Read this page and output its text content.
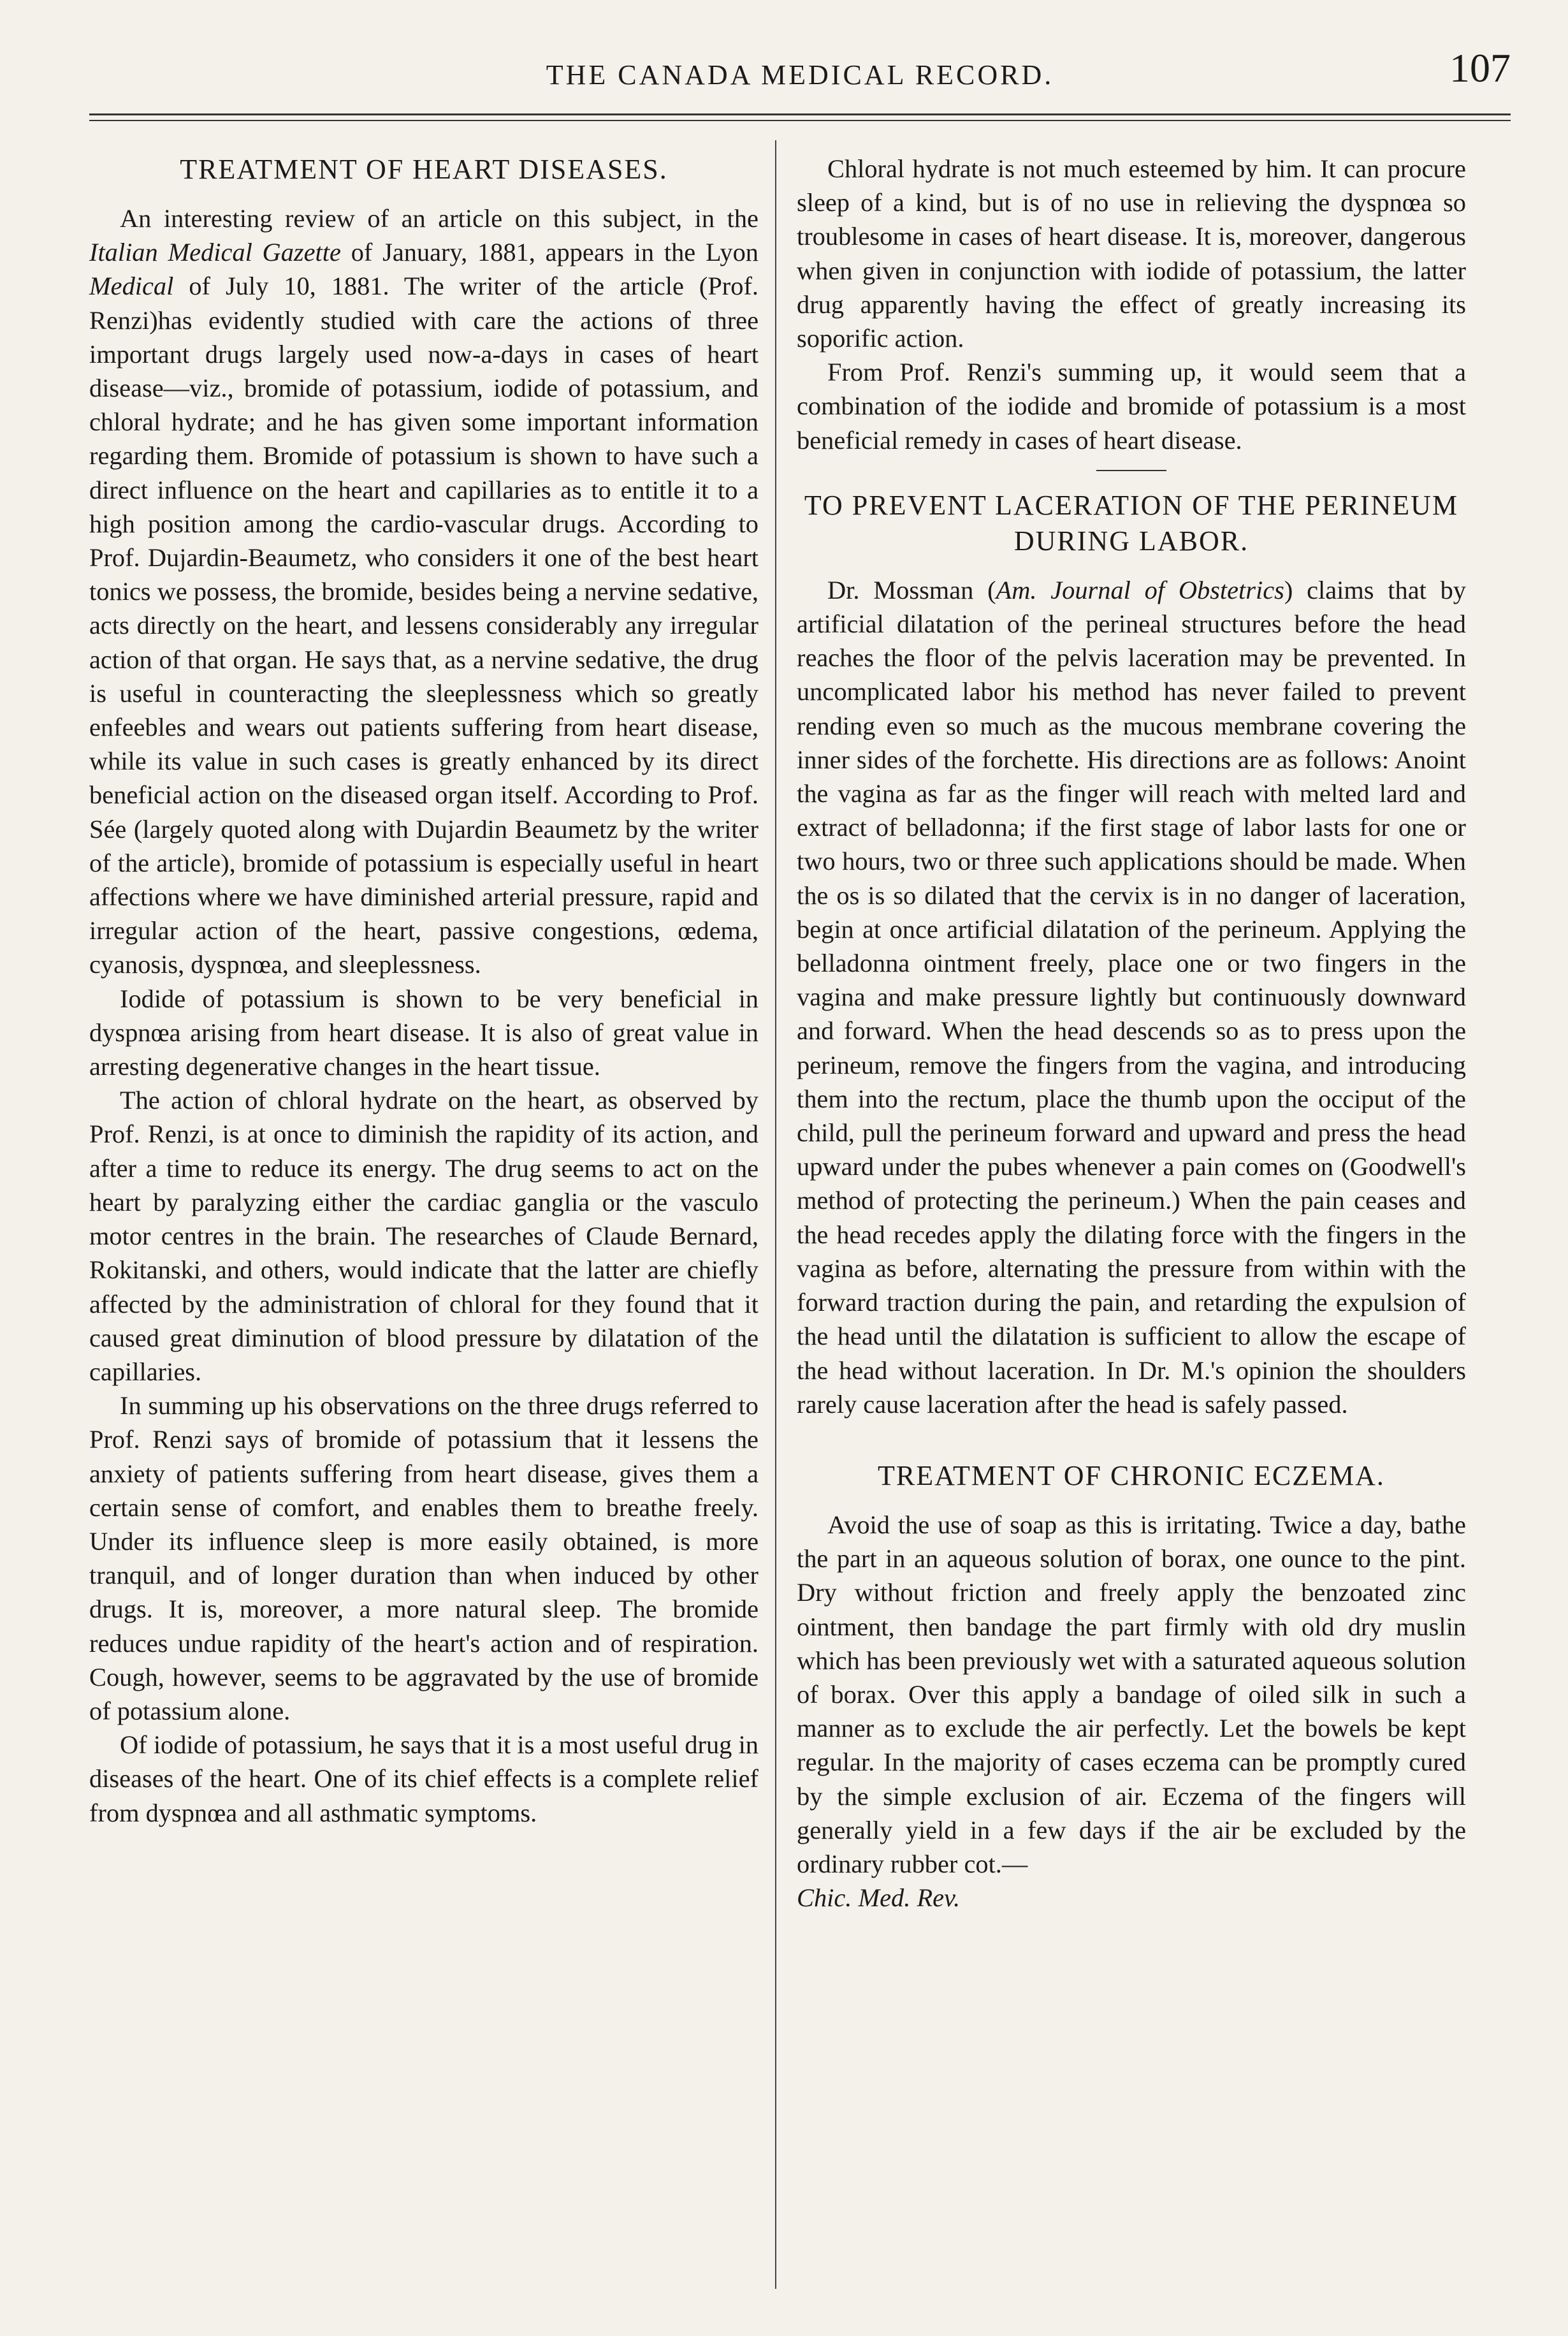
THE CANADA MEDICAL RECORD.	107
TREATMENT OF HEART DISEASES.

An interesting review of an article on this subject, in the Italian Medical Gazette of January, 1881, appears in the Lyon Medical of July 10, 1881. The writer of the article (Prof. Renzi)has evidently studied with care the actions of three important drugs largely used now-a-days in cases of heart disease—viz., bromide of potassium, iodide of potassium, and chloral hydrate; and he has given some important information regarding them. Bromide of potassium is shown to have such a direct influence on the heart and capillaries as to entitle it to a high position among the cardio-vascular drugs. According to Prof. Dujardin-Beaumetz, who considers it one of the best heart tonics we possess, the bromide, besides being a nervine sedative, acts directly on the heart, and lessens considerably any irregular action of that organ. He says that, as a nervine sedative, the drug is useful in counteracting the sleeplessness which so greatly enfeebles and wears out patients suffering from heart disease, while its value in such cases is greatly enhanced by its direct beneficial action on the diseased organ itself. According to Prof. Sée (largely quoted along with Dujardin Beaumetz by the writer of the article), bromide of potassium is especially useful in heart affections where we have diminished arterial pressure, rapid and irregular action of the heart, passive congestions, œdema, cyanosis, dyspnœa, and sleeplessness.

Iodide of potassium is shown to be very beneficial in dyspnœa arising from heart disease. It is also of great value in arresting degenerative changes in the heart tissue.

The action of chloral hydrate on the heart, as observed by Prof. Renzi, is at once to diminish the rapidity of its action, and after a time to reduce its energy. The drug seems to act on the heart by paralyzing either the cardiac ganglia or the vasculo motor centres in the brain. The researches of Claude Bernard, Rokitanski, and others, would indicate that the latter are chiefly affected by the administration of chloral for they found that it caused great diminution of blood pressure by dilatation of the capillaries.

In summing up his observations on the three drugs referred to Prof. Renzi says of bromide of potassium that it lessens the anxiety of patients suffering from heart disease, gives them a certain sense of comfort, and enables them to breathe freely. Under its influence sleep is more easily obtained, is more tranquil, and of longer duration than when induced by other drugs. It is, moreover, a more natural sleep. The bromide reduces undue rapidity of the heart's action and of respiration. Cough, however, seems to be aggravated by the use of bromide of potassium alone.

Of iodide of potassium, he says that it is a most useful drug in diseases of the heart. One of its chief effects is a complete relief from dyspnœa and all asthmatic symptoms.

Chloral hydrate is not much esteemed by him. It can procure sleep of a kind, but is of no use in relieving the dyspnœa so troublesome in cases of heart disease. It is, moreover, dangerous when given in conjunction with iodide of potassium, the latter drug apparently having the effect of greatly increasing its soporific action.

From Prof. Renzi's summing up, it would seem that a combination of the iodide and bromide of potassium is a most beneficial remedy in cases of heart disease.

TO PREVENT LACERATION OF THE PERINEUM DURING LABOR.

Dr. Mossman (Am. Journal of Obstetrics) claims that by artificial dilatation of the perineal structures before the head reaches the floor of the pelvis laceration may be prevented. In uncomplicated labor his method has never failed to prevent rending even so much as the mucous membrane covering the inner sides of the forchette. His directions are as follows: Anoint the vagina as far as the finger will reach with melted lard and extract of belladonna; if the first stage of labor lasts for one or two hours, two or three such applications should be made. When the os is so dilated that the cervix is in no danger of laceration, begin at once artificial dilatation of the perineum. Applying the belladonna ointment freely, place one or two fingers in the vagina and make pressure lightly but continuously downward and forward. When the head descends so as to press upon the perineum, remove the fingers from the vagina, and introducing them into the rectum, place the thumb upon the occiput of the child, pull the perineum forward and upward and press the head upward under the pubes whenever a pain comes on (Goodwell's method of protecting the perineum.) When the pain ceases and the head recedes apply the dilating force with the fingers in the vagina as before, alternating the pressure from within with the forward traction during the pain, and retarding the expulsion of the head until the dilatation is sufficient to allow the escape of the head without laceration. In Dr. M.'s opinion the shoulders rarely cause laceration after the head is safely passed.

TREATMENT OF CHRONIC ECZEMA.

Avoid the use of soap as this is irritating. Twice a day, bathe the part in an aqueous solution of borax, one ounce to the pint. Dry without friction and freely apply the benzoated zinc ointment, then bandage the part firmly with old dry muslin which has been previously wet with a saturated aqueous solution of borax. Over this apply a bandage of oiled silk in such a manner as to exclude the air perfectly. Let the bowels be kept regular. In the majority of cases eczema can be promptly cured by the simple exclusion of air. Eczema of the fingers will generally yield in a few days if the air be excluded by the ordinary rubber cot.—
Chic. Med. Rev.
